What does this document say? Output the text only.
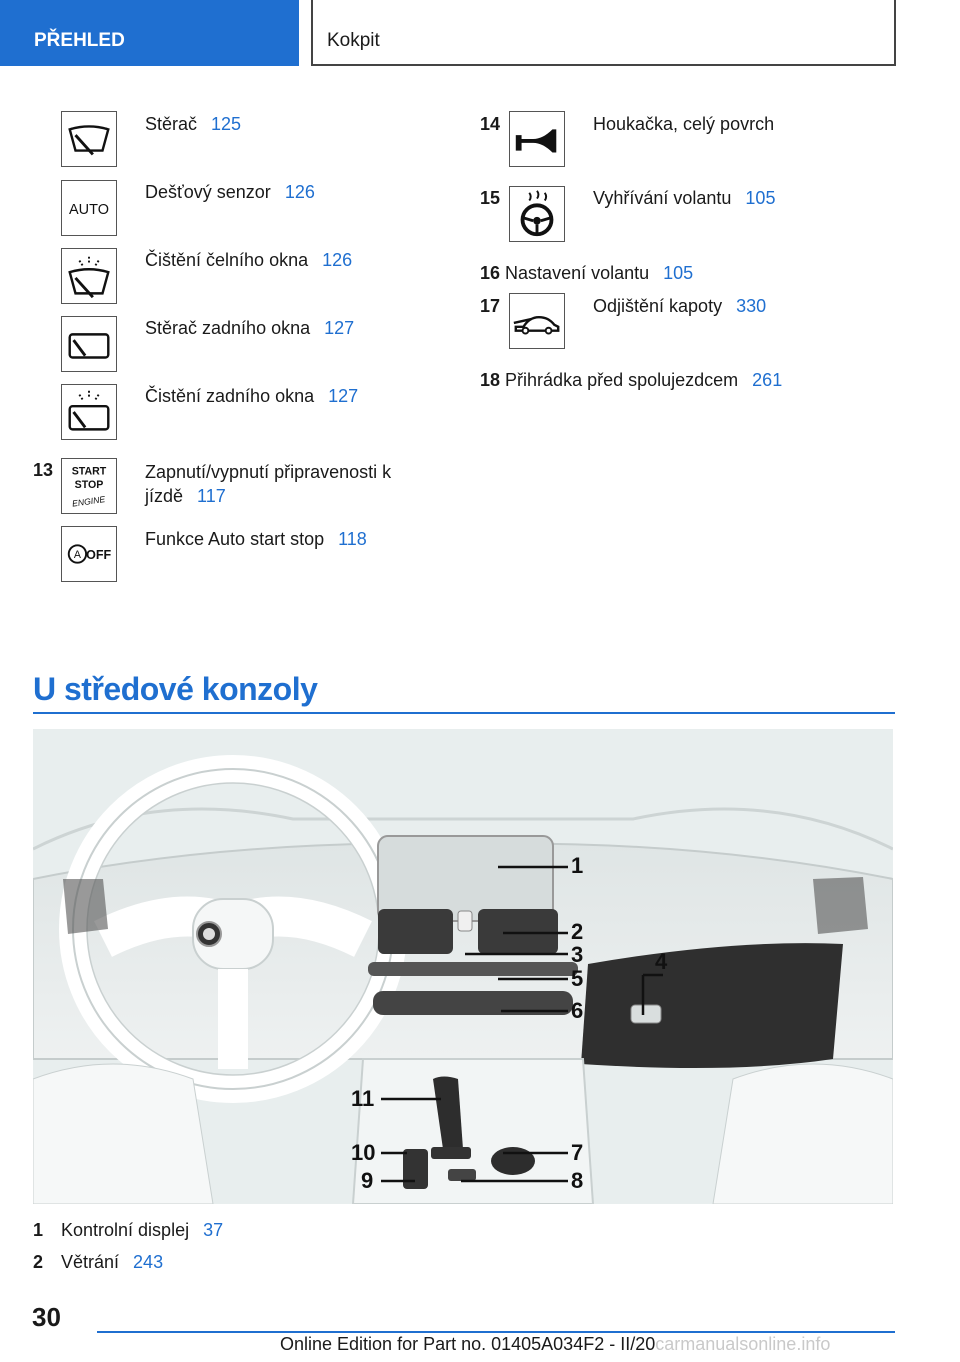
PŘEHLED	Kokpit
Stěrač 125
AUTO
Dešťový senzor 126
Čištění čelního okna 126
Stěrač zadního okna 127
Čistění zadního okna 127
13 START
STOP
ENGINE
Zapnutí/vypnutí připravenosti k
jízdě 117
A OFF
Funkce Auto start stop 118
14	Houkačka, celý povrch
15	Vyhřívání volantu 105
16 Nastavení volantu 105
17	Odjištění kapoty 330
18 Přihrádka před spolujezdcem 261
U středové konzoly
1
2
3	4
5
6
7
8
9
10
11
1 Kontrolní displej 37
2 Větrání 243
30
Online Edition for Part no. 01405A034F2 - II/20carmanualsonline.info
